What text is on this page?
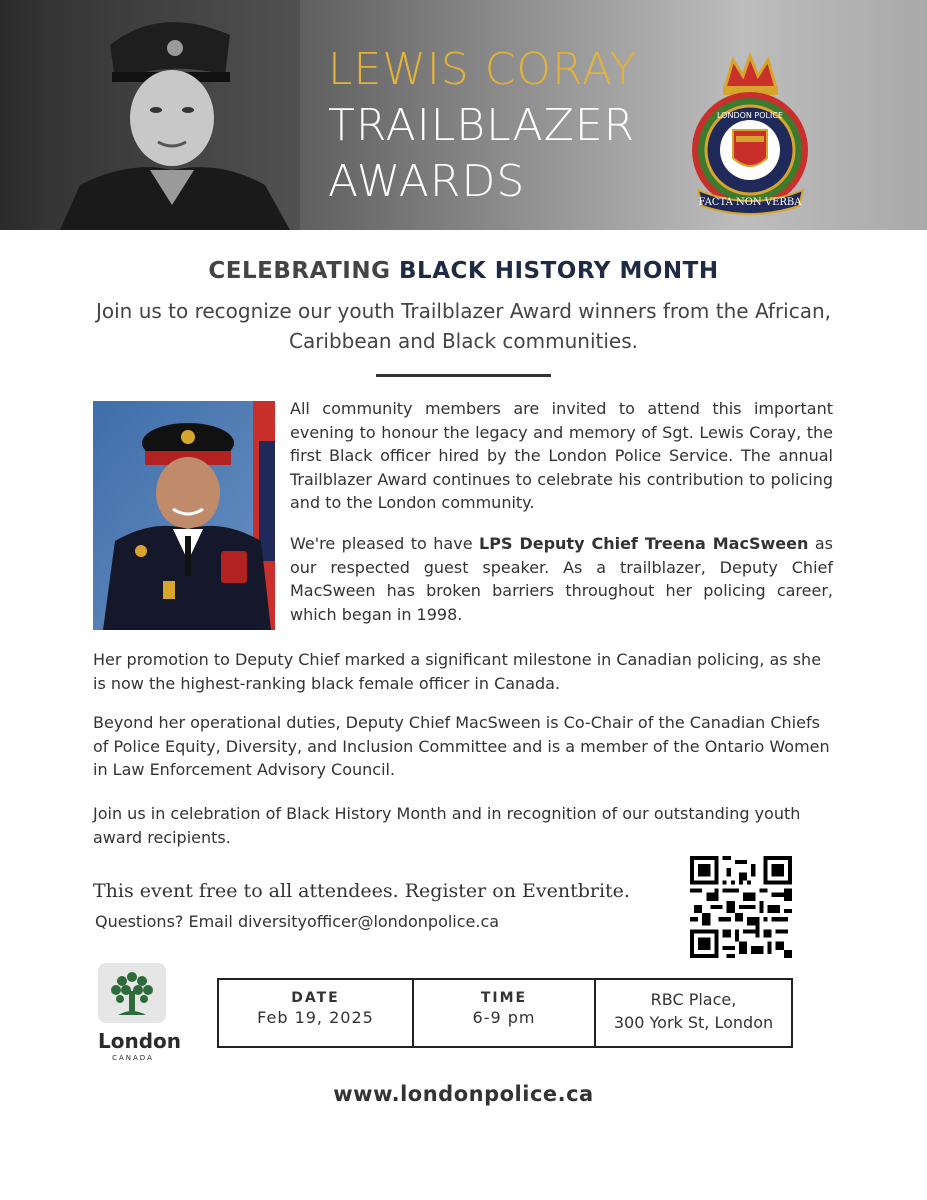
LEWIS CORAY
TRAILBLAZER
AWARDS	FACTA NON VERBA
LONDON POLICE
CELEBRATING BLACK HISTORY MONTH
Join us to recognize our youth Trailblazer Award winners from the African, Caribbean and Black communities.
All community members are invited to attend this important evening to honour the legacy and memory of Sgt. Lewis Coray, the first Black officer hired by the London Police Service. The annual Trailblazer Award continues to celebrate his contribution to policing and to the London community.
We're pleased to have LPS Deputy Chief Treena MacSween as our respected guest speaker. As a trailblazer, Deputy Chief MacSween has broken barriers throughout her policing career, which began in 1998.
Her promotion to Deputy Chief marked a significant milestone in Canadian policing, as she is now the highest-ranking black female officer in Canada.
Beyond her operational duties, Deputy Chief MacSween is Co-Chair of the Canadian Chiefs of Police Equity, Diversity, and Inclusion Committee and is a member of the Ontario Women in Law Enforcement Advisory Council.
Join us in celebration of Black History Month and in recognition of our outstanding youth award recipients.
This event free to all attendees. Register on Eventbrite.
Questions? Email diversityofficer@londonpolice.ca
London
CANADA
DATE
Feb 19, 2025
TIME
6-9 pm
RBC Place,
300 York St, London
www.londonpolice.ca
